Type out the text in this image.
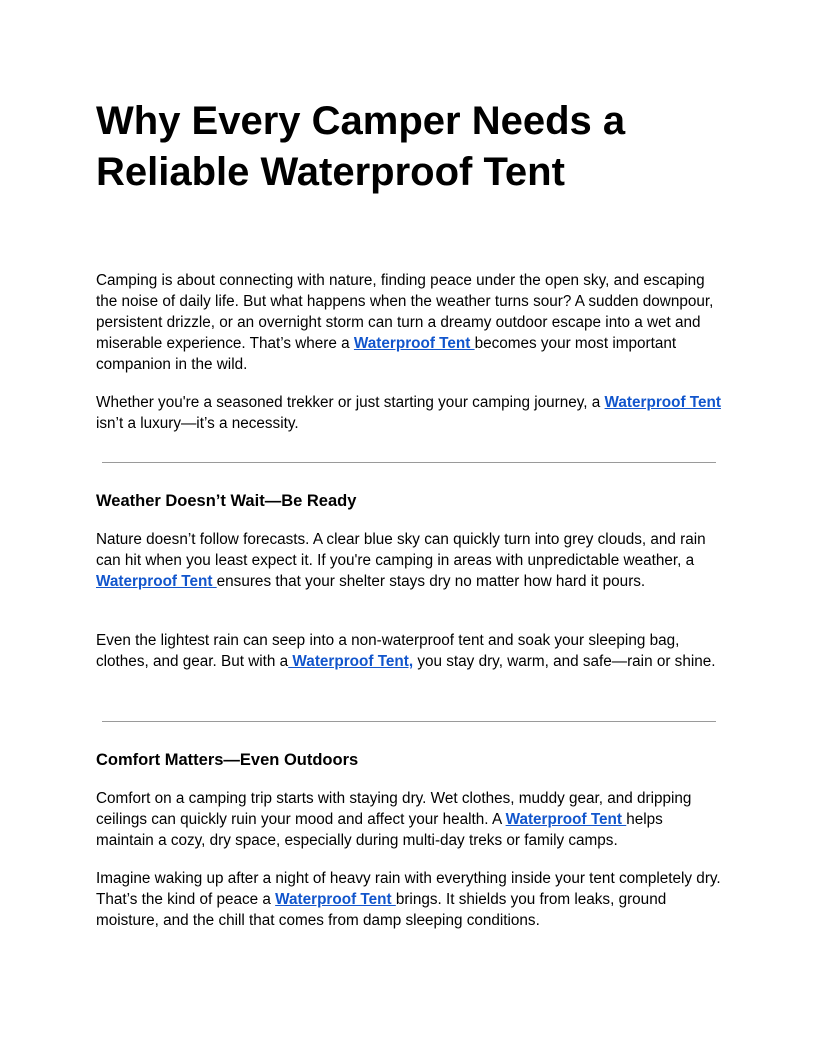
Why Every Camper Needs a Reliable Waterproof Tent

Camping is about connecting with nature, finding peace under the open sky, and escaping the noise of daily life. But what happens when the weather turns sour? A sudden downpour, persistent drizzle, or an overnight storm can turn a dreamy outdoor escape into a wet and miserable experience. That’s where a Waterproof Tent becomes your most important companion in the wild.

Whether you're a seasoned trekker or just starting your camping journey, a Waterproof Tent isn’t a luxury—it’s a necessity.

Weather Doesn’t Wait—Be Ready

Nature doesn’t follow forecasts. A clear blue sky can quickly turn into grey clouds, and rain can hit when you least expect it. If you're camping in areas with unpredictable weather, a Waterproof Tent ensures that your shelter stays dry no matter how hard it pours.

Even the lightest rain can seep into a non-waterproof tent and soak your sleeping bag, clothes, and gear. But with a Waterproof Tent, you stay dry, warm, and safe—rain or shine.

Comfort Matters—Even Outdoors

Comfort on a camping trip starts with staying dry. Wet clothes, muddy gear, and dripping ceilings can quickly ruin your mood and affect your health. A Waterproof Tent helps maintain a cozy, dry space, especially during multi-day treks or family camps.

Imagine waking up after a night of heavy rain with everything inside your tent completely dry. That’s the kind of peace a Waterproof Tent brings. It shields you from leaks, ground moisture, and the chill that comes from damp sleeping conditions.
